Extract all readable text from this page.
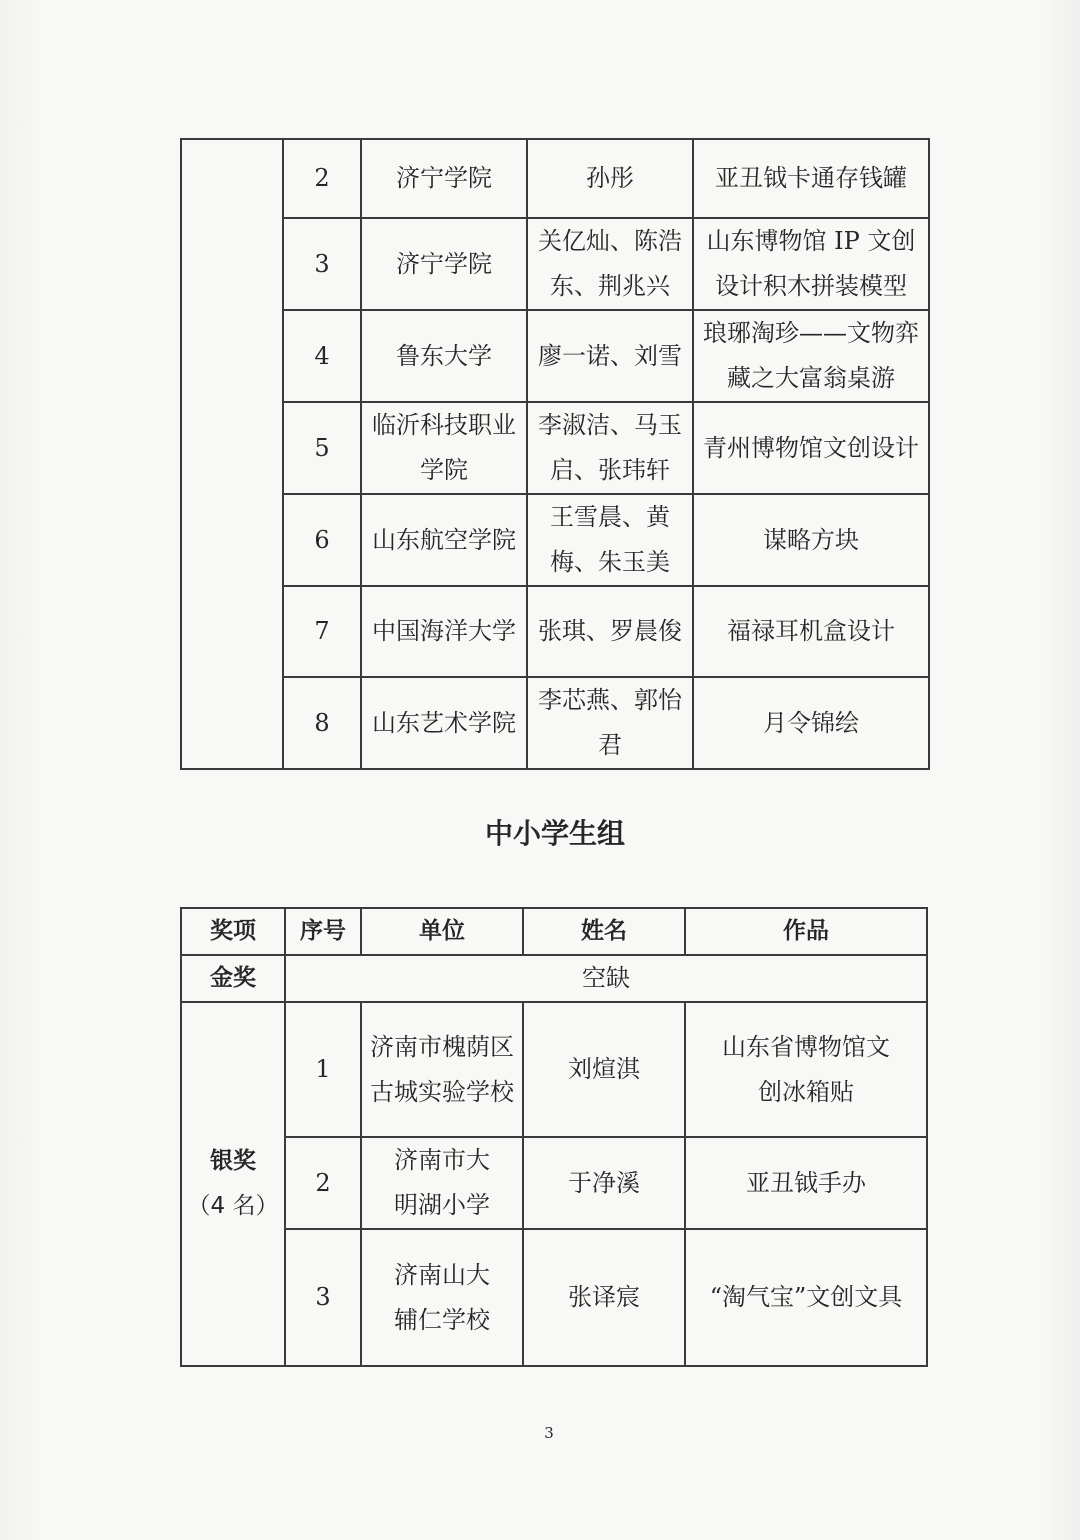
	2	济宁学院	孙彤	亚丑钺卡通存钱罐
	3	济宁学院	关亿灿、陈浩东、荆兆兴	山东博物馆 IP 文创设计积木拼装模型
	4	鲁东大学	廖一诺、刘雪	琅琊淘珍——文物弈藏之大富翁桌游
	5	临沂科技职业学院	李淑洁、马玉启、张玮轩	青州博物馆文创设计
	6	山东航空学院	王雪晨、黄梅、朱玉美	谋略方块
	7	中国海洋大学	张琪、罗晨俊	福禄耳机盒设计
	8	山东艺术学院	李芯燕、郭怡君	月令锦绘
中小学生组
奖项	序号	单位	姓名	作品
金奖	空缺			

银奖
（4 名）	1	济南市槐荫区古城实验学校	刘煊淇	山东省博物馆文创冰箱贴
	2	济南市大明湖小学	于净溪	亚丑钺手办
	3	济南山大辅仁学校	张译宸	“淘气宝”文创文具
3
